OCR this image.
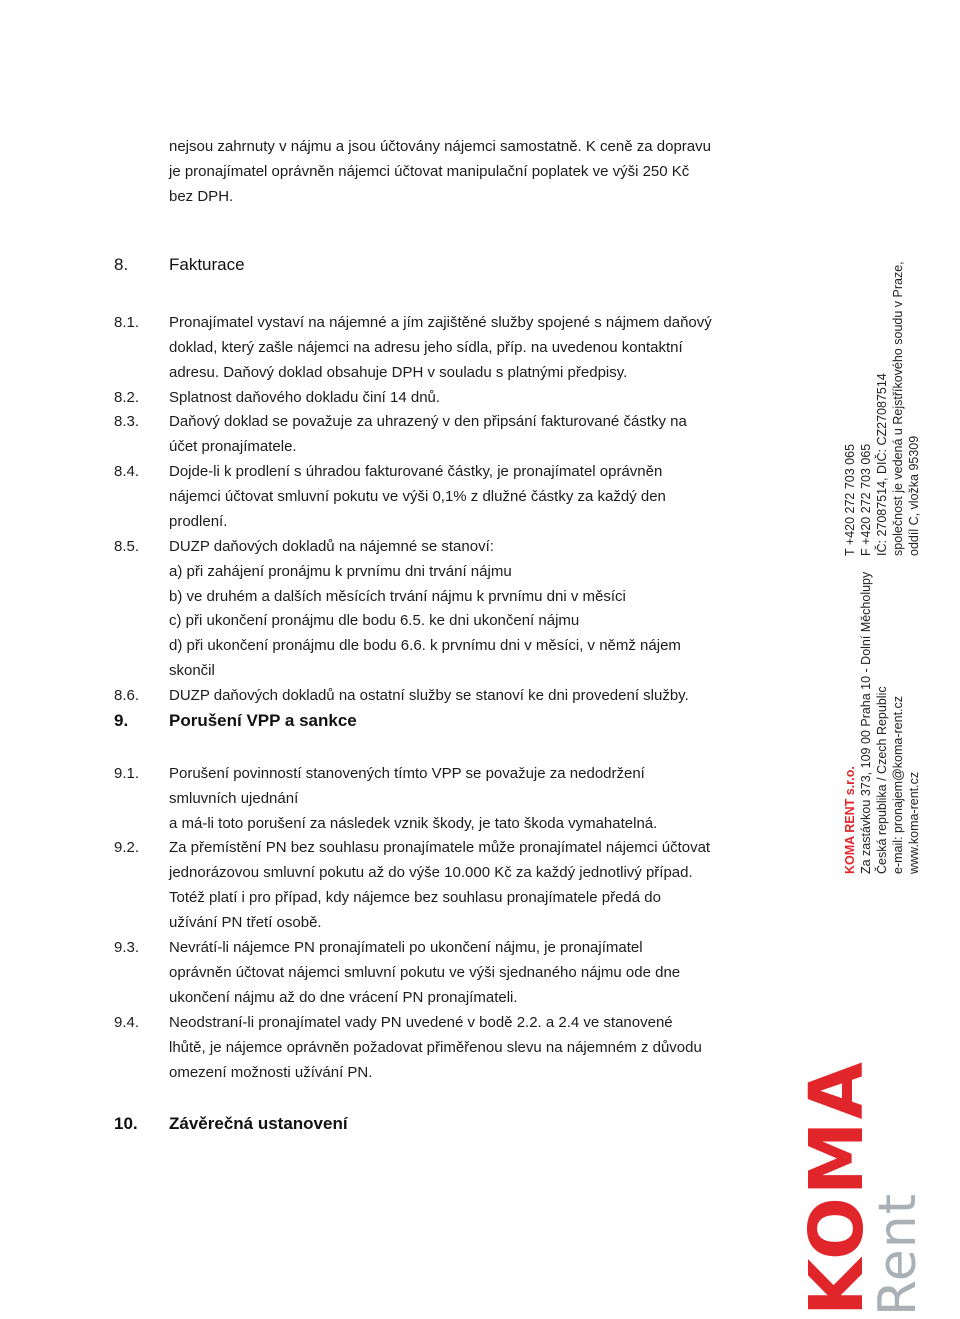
nejsou zahrnuty v nájmu a jsou účtovány nájemci samostatně. K ceně za dopravu
je pronajímatel oprávněn nájemci účtovat manipulační poplatek ve výši 250 Kč
bez DPH.
8. Fakturace
8.1. Pronajímatel vystaví na nájemné a jím zajištěné služby spojené s nájmem daňový
doklad, který zašle nájemci na adresu jeho sídla, příp. na uvedenou kontaktní
adresu. Daňový doklad obsahuje DPH v souladu s platnými předpisy.
8.2. Splatnost daňového dokladu činí 14 dnů.
8.3. Daňový doklad se považuje za uhrazený v den připsání fakturované částky na
účet pronajímatele.
8.4. Dojde-li k prodlení s úhradou fakturované částky, je pronajímatel oprávněn
nájemci účtovat smluvní pokutu ve výši 0,1% z dlužné částky za každý den
prodlení.
8.5. DUZP daňových dokladů na nájemné se stanoví:
a) při zahájení pronájmu k prvnímu dni trvání nájmu
b) ve druhém a dalších měsících trvání nájmu k prvnímu dni v měsíci
c) při ukončení pronájmu dle bodu 6.5. ke dni ukončení nájmu
d) při ukončení pronájmu dle bodu 6.6. k prvnímu dni v měsíci, v němž nájem
skončil
8.6. DUZP daňových dokladů na ostatní služby se stanoví ke dni provedení služby.
9. Porušení VPP a sankce
9.1. Porušení povinností stanovených tímto VPP se považuje za nedodržení
smluvních ujednání
a má-li toto porušení za následek vznik škody, je tato škoda vymahatelná.
9.2. Za přemístění PN bez souhlasu pronajímatele může pronajímatel nájemci účtovat
jednorázovou smluvní pokutu až do výše 10.000 Kč za každý jednotlivý případ.
Totéž platí i pro případ, kdy nájemce bez souhlasu pronajímatele předá do
užívání PN třetí osobě.
9.3. Nevrátí-li nájemce PN pronajímateli po ukončení nájmu, je pronajímatel
oprávněn účtovat nájemci smluvní pokutu ve výši sjednaného nájmu ode dne
ukončení nájmu až do dne vrácení PN pronajímateli.
9.4. Neodstraní-li pronajímatel vady PN uvedené v bodě 2.2. a 2.4 ve stanovené
lhůtě, je nájemce oprávněn požadovat přiměřenou slevu na nájemném z důvodu
omezení možnosti užívání PN.
10. Závěrečná ustanovení
T +420 272 703 065 F +420 272 703 065 IČ: 27087514, DIČ: CZ27087514 společnost je vedená u Rejstříkového soudu v Praze, oddíl C, vložka 95309
KOMA RENT s.r.o. Za zastávkou 373, 109 00 Praha 10 - Dolní Měcholupy Česká republika / Czech Republic e-mail: pronajem@koma-rent.cz www.koma-rent.cz
KOMA
Rent
